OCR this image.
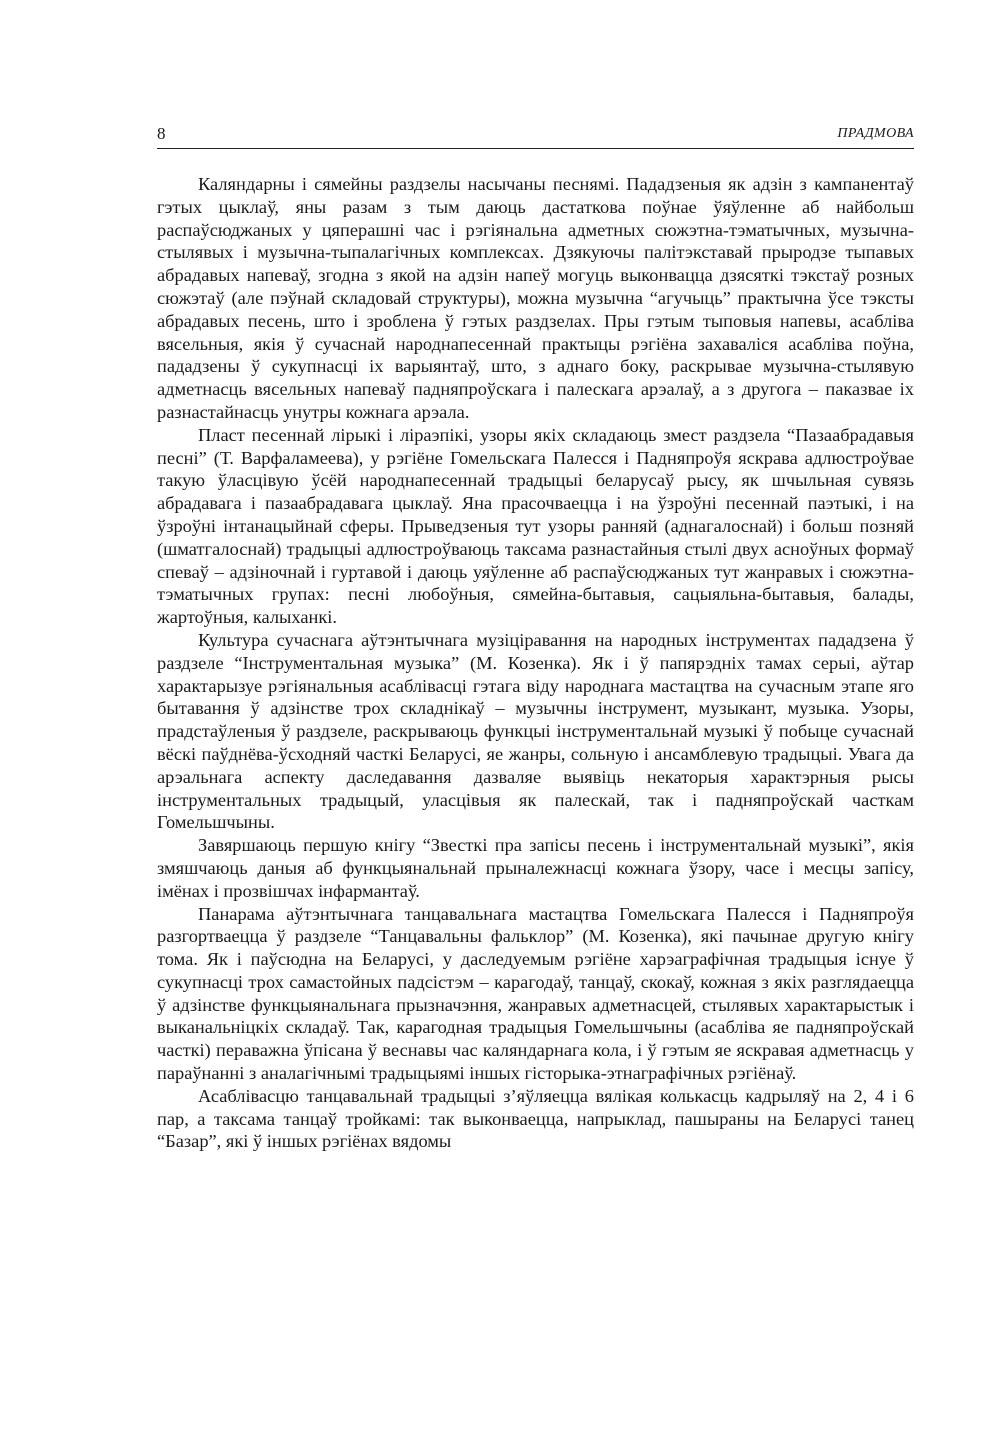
8	ПРАДМОВА

Каляндарны і сямейны раздзелы насычаны песнямі. Пададзеныя як адзін з кампанентаў гэтых цыклаў, яны разам з тым даюць дастаткова поўнае ўяўленне аб найбольш распаўсюджаных у цяперашні час і рэгіянальна адметных сюжэтна-тэматычных, музычна-стылявых і музычна-тыпалагічных комплексах. Дзякуючы палітэкставай прыродзе тыпавых абрадавых напеваў, згодна з якой на адзін напеў могуць выконвацца дзясяткі тэкстаў розных сюжэтаў (але пэўнай складовай структуры), можна музычна “агучыць” практычна ўсе тэксты абрадавых песень, што і зроблена ў гэтых раздзелах. Пры гэтым тыповыя напевы, асабліва вясельныя, якія ў сучаснай народнапесеннай практыцы рэгіёна захаваліся асабліва поўна, пададзены ў сукупнасці іх варыянтаў, што, з аднаго боку, раскрывае музычна-стылявую адметнасць вясельных напеваў падняпроўскага і палескага арэалаў, а з другога – паказвае іх разнастайнасць унутры кожнага арэала.

Пласт песеннай лірыкі і ліраэпікі, узоры якіх складаюць змест раздзела “Пазаабрадавыя песні” (Т. Варфаламеева), у рэгіёне Гомельскага Палесся і Падняпроўя яскрава адлюстроўвае такую ўласцівую ўсёй народнапесеннай традыцыі беларусаў рысу, як шчыльная сувязь абрадавага і пазаабрадавага цыклаў. Яна прасочваецца і на ўзроўні песеннай паэтыкі, і на ўзроўні інтанацыйнай сферы. Прыведзеныя тут узоры ранняй (аднагалоснай) і больш позняй (шматгалоснай) традыцыі адлюстроўваюць таксама разнастайныя стылі двух асноўных формаў спеваў – адзіночнай і гуртавой і даюць уяўленне аб распаўсюджаных тут жанравых і сюжэтна-тэматычных групах: песні любоўныя, сямейна-бытавыя, сацыяльна-бытавыя, балады, жартоўныя, калыханкі.

Культура сучаснага аўтэнтычнага музіціравання на народных інструментах пададзена ў раздзеле “Інструментальная музыка” (М. Козенка). Як і ў папярэдніх тамах серыі, аўтар характарызуе рэгіянальныя асаблівасці гэтага віду народнага мастацтва на сучасным этапе яго бытавання ў адзінстве трох складнікаў – музычны інструмент, музыкант, музыка. Узоры, прадстаўленыя ў раздзеле, раскрываюць функцыі інструментальнай музыкі ў побыце сучаснай вёскі паўднёва-ўсходняй часткі Беларусі, яе жанры, сольную і ансамблевую традыцыі. Увага да арэальнага аспекту даследавання дазваляе выявіць некаторыя характэрныя рысы інструментальных традыцый, уласцівыя як палескай, так і падняпроўскай часткам Гомельшчыны.

Завяршаюць першую кнігу “Звесткі пра запісы песень і інструментальнай музыкі”, якія змяшчаюць даныя аб функцыянальнай прыналежнасці кожнага ўзору, часе і месцы запісу, імёнах і прозвішчах інфармантаў.

Панарама аўтэнтычнага танцавальнага мастацтва Гомельскага Палесся і Падняпроўя разгортваецца ў раздзеле “Танцавальны фальклор” (М. Козенка), які пачынае другую кнігу тома. Як і паўсюдна на Беларусі, у даследуемым рэгіёне харэаграфічная традыцыя існуе ў сукупнасці трох самастойных падсістэм – карагодаў, танцаў, скокаў, кожная з якіх разглядаецца ў адзінстве функцыянальнага прызначэння, жанравых адметнасцей, стылявых характарыстык і выканальніцкіх складаў. Так, карагодная традыцыя Гомельшчыны (асабліва яе падняпроўскай часткі) пераважна ўпісана ў веснавы час каляндарнага кола, і ў гэтым яе яскравая адметнасць у параўнанні з аналагічнымі традыцыямі іншых гісторыка-этнаграфічных рэгіёнаў.

Асаблівасцю танцавальнай традыцыі з’яўляецца вялікая колькасць кадрыляў на 2, 4 і 6 пар, а таксама танцаў тройкамі: так выконваецца, напрыклад, пашыраны на Беларусі танец “Базар”, які ў іншых рэгіёнах вядомы
